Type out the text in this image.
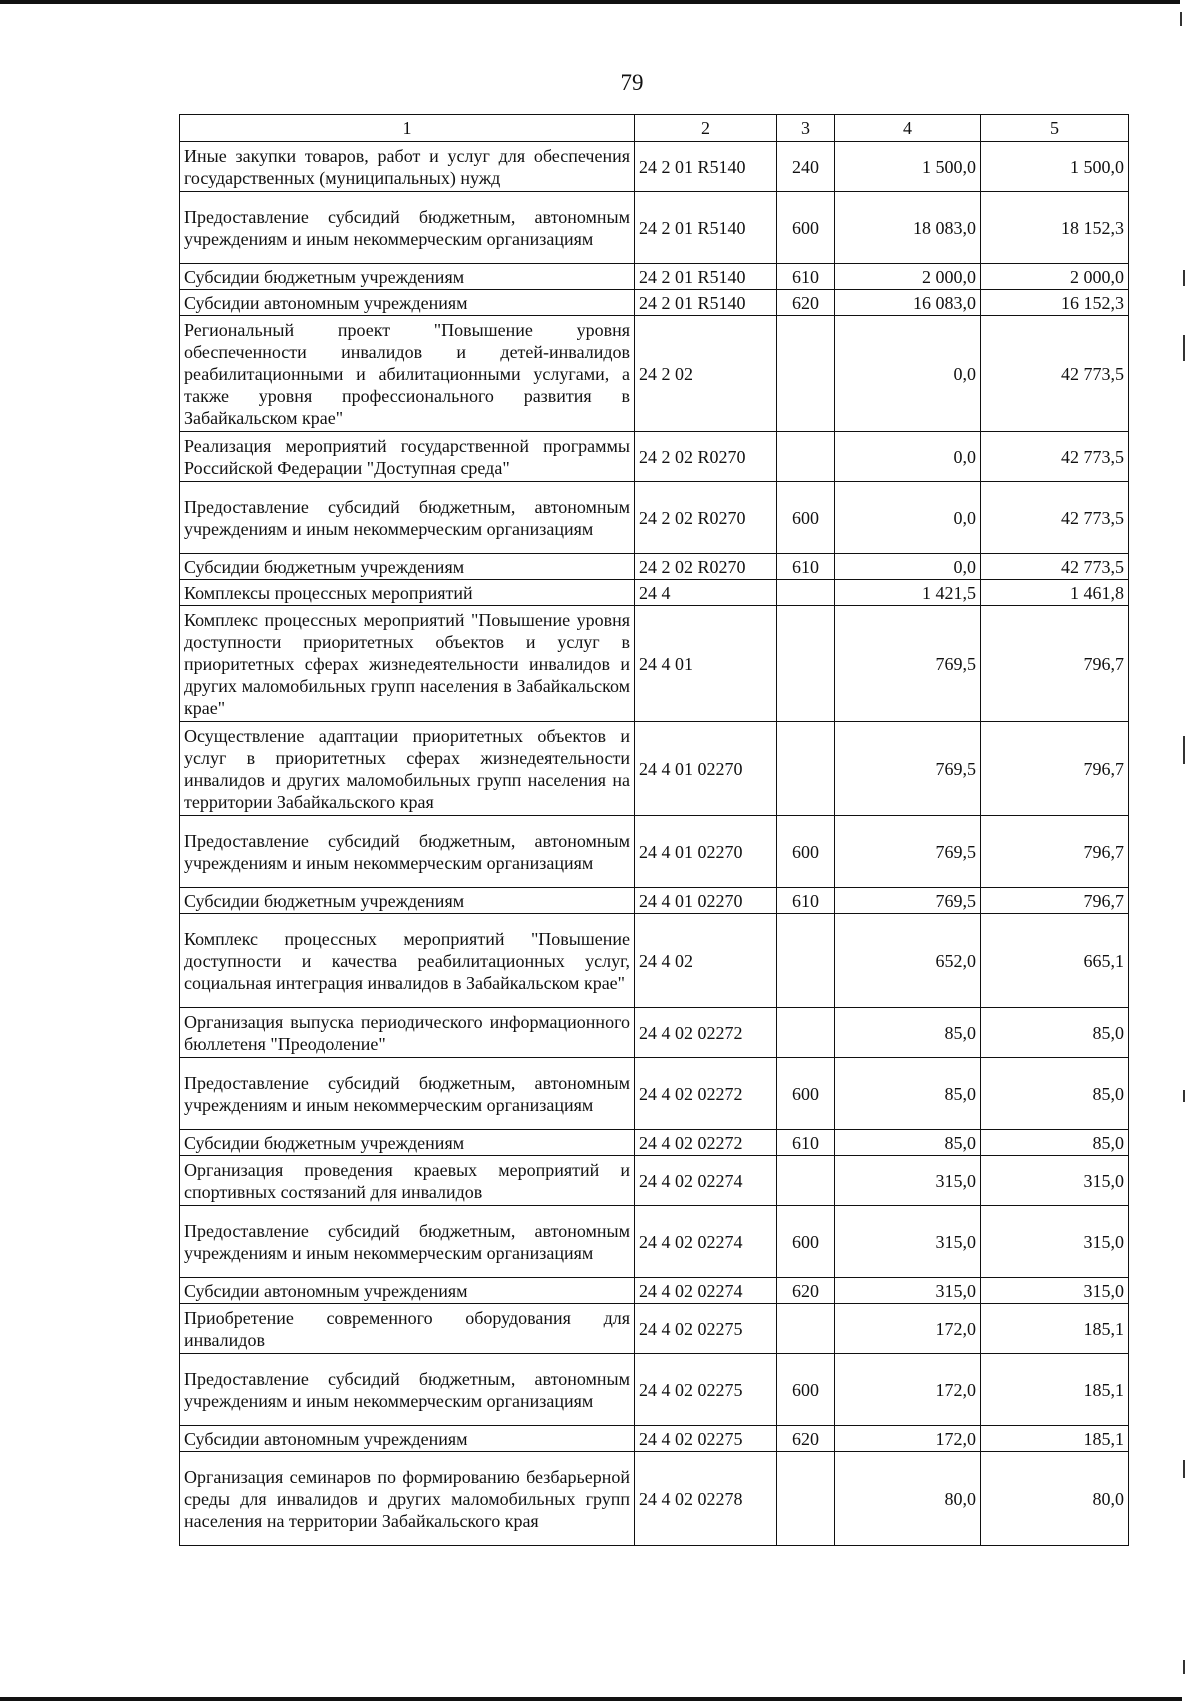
79
1	2	3	4	5
Иные закупки товаров, работ и услуг для обеспечения государственных (муниципальных) нужд	24 2 01 R5140	240	1 500,0	1 500,0
Предоставление субсидий бюджетным, автономным учреждениям и иным некоммерческим организациям	24 2 01 R5140	600	18 083,0	18 152,3
Субсидии бюджетным учреждениям	24 2 01 R5140	610	2 000,0	2 000,0
Субсидии автономным учреждениям	24 2 01 R5140	620	16 083,0	16 152,3
Региональный проект "Повышение уровня обеспеченности инвалидов и детей-инвалидов реабилитационными и абилитационными услугами, а также уровня профессионального развития в Забайкальском крае"	24 2 02		0,0	42 773,5
Реализация мероприятий государственной программы Российской Федерации "Доступная среда"	24 2 02 R0270		0,0	42 773,5
Предоставление субсидий бюджетным, автономным учреждениям и иным некоммерческим организациям	24 2 02 R0270	600	0,0	42 773,5
Субсидии бюджетным учреждениям	24 2 02 R0270	610	0,0	42 773,5
Комплексы процессных мероприятий	24 4		1 421,5	1 461,8
Комплекс процессных мероприятий "Повышение уровня доступности приоритетных объектов и услуг в приоритетных сферах жизнедеятельности инвалидов и других маломобильных групп населения в Забайкальском крае"	24 4 01		769,5	796,7
Осуществление адаптации приоритетных объектов и услуг в приоритетных сферах жизнедеятельности инвалидов и других маломобильных групп населения на территории Забайкальского края	24 4 01 02270		769,5	796,7
Предоставление субсидий бюджетным, автономным учреждениям и иным некоммерческим организациям	24 4 01 02270	600	769,5	796,7
Субсидии бюджетным учреждениям	24 4 01 02270	610	769,5	796,7
Комплекс процессных мероприятий "Повышение доступности и качества реабилитационных услуг, социальная интеграция инвалидов в Забайкальском крае"	24 4 02		652,0	665,1
Организация выпуска периодического информационного бюллетеня "Преодоление"	24 4 02 02272		85,0	85,0
Предоставление субсидий бюджетным, автономным учреждениям и иным некоммерческим организациям	24 4 02 02272	600	85,0	85,0
Субсидии бюджетным учреждениям	24 4 02 02272	610	85,0	85,0
Организация проведения краевых мероприятий и спортивных состязаний для инвалидов	24 4 02 02274		315,0	315,0
Предоставление субсидий бюджетным, автономным учреждениям и иным некоммерческим организациям	24 4 02 02274	600	315,0	315,0
Субсидии автономным учреждениям	24 4 02 02274	620	315,0	315,0
Приобретение современного оборудования для инвалидов	24 4 02 02275		172,0	185,1
Предоставление субсидий бюджетным, автономным учреждениям и иным некоммерческим организациям	24 4 02 02275	600	172,0	185,1
Субсидии автономным учреждениям	24 4 02 02275	620	172,0	185,1
Организация семинаров по формированию безбарьерной среды для инвалидов и других маломобильных групп населения на территории Забайкальского края	24 4 02 02278		80,0	80,0
